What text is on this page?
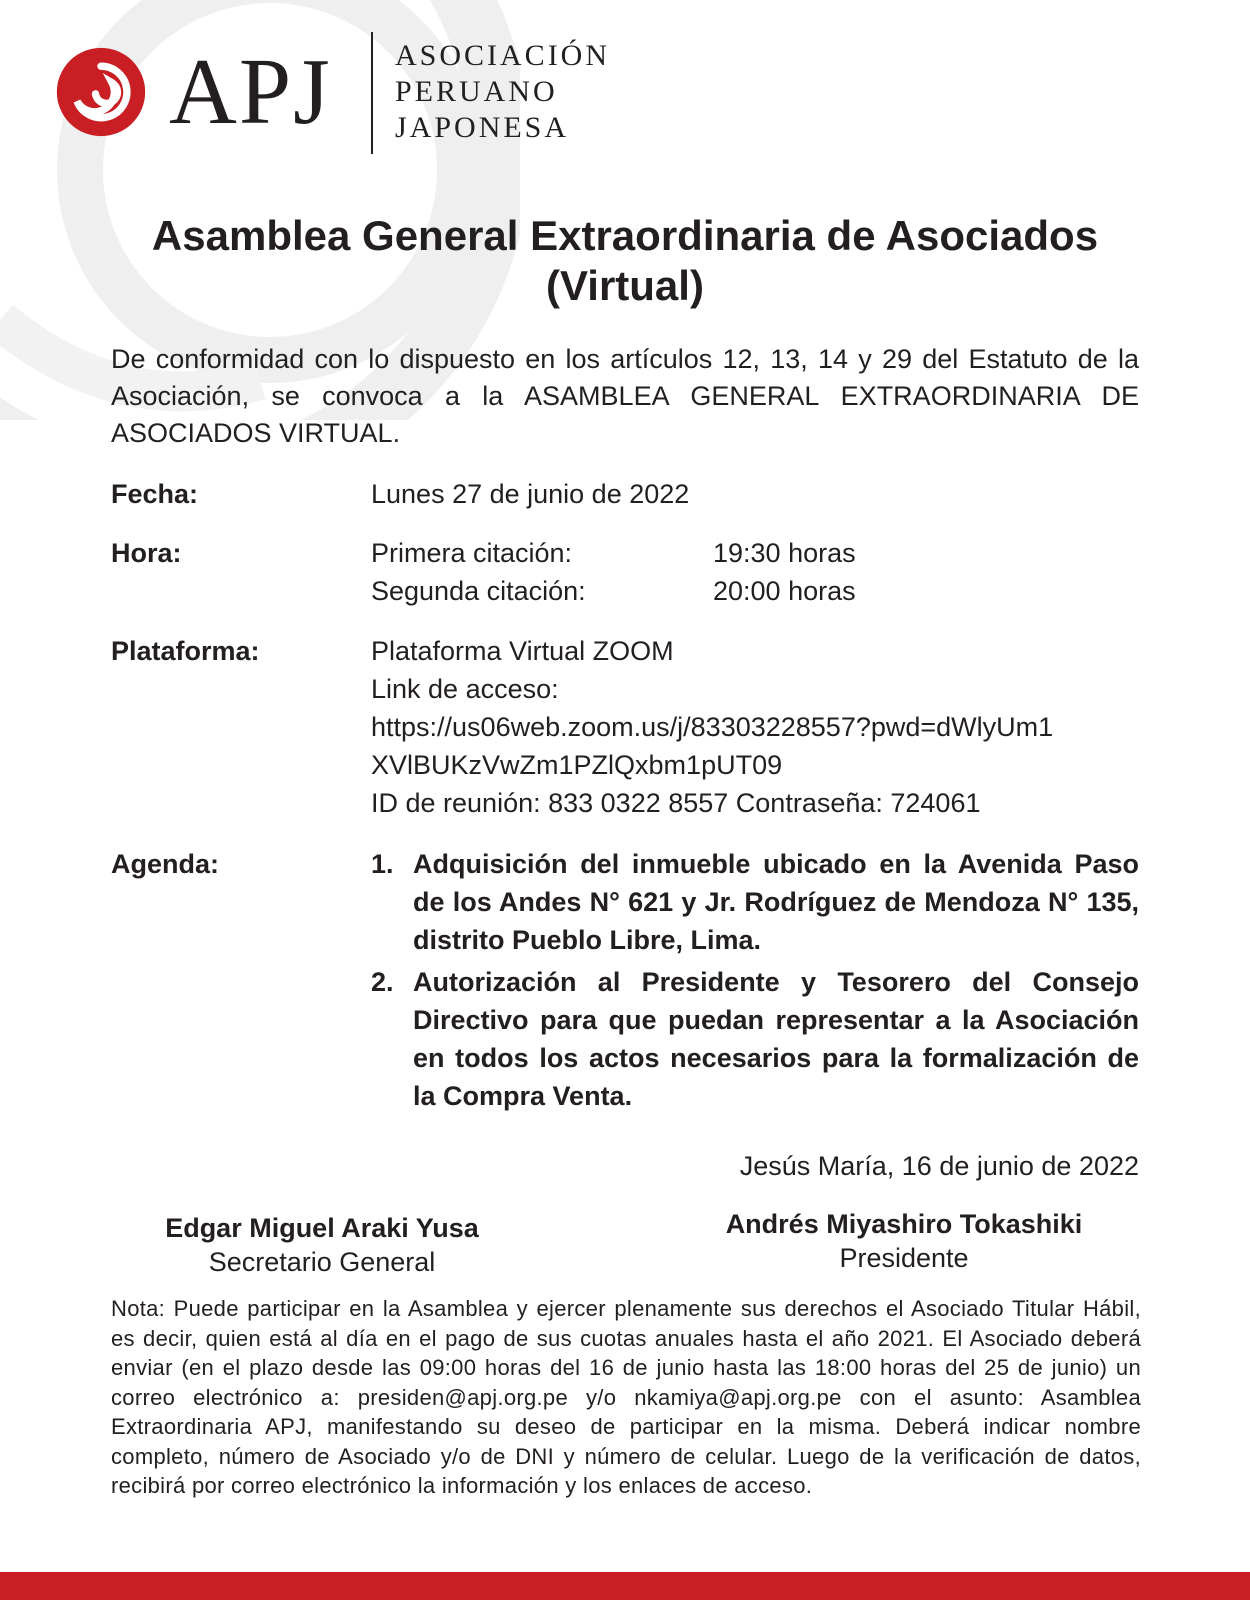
APJ ASOCIACIÓN
PERUANO
JAPONESA
Asamblea General Extraordinaria de Asociados
(Virtual)
De conformidad con lo dispuesto en los artículos 12, 13, 14 y 29 del Estatuto de la Asociación, se convoca a la ASAMBLEA GENERAL EXTRAORDINARIA DE ASOCIADOS VIRTUAL.
Fecha:	Lunes 27 de junio de 2022
Hora:	Primera citación:	19:30 horas
Segunda citación:	20:00 horas
Plataforma:	Plataforma Virtual ZOOM
Link de acceso:
https://us06web.zoom.us/j/83303228557?pwd=dWlyUm1
XVlBUKzVwZm1PZlQxbm1pUT09
ID de reunión: 833 0322 8557 Contraseña: 724061
Agenda:	1. Adquisición del inmueble ubicado en la Avenida Paso de los Andes N° 621 y Jr. Rodríguez de Mendoza N° 135, distrito Pueblo Libre, Lima.
2. Autorización al Presidente y Tesorero del Consejo Directivo para que puedan representar a la Asociación en todos los actos necesarios para la formalización de la Compra Venta.
Jesús María, 16 de junio de 2022
Edgar Miguel Araki Yusa
Secretario General
Andrés Miyashiro Tokashiki
Presidente
Nota: Puede participar en la Asamblea y ejercer plenamente sus derechos el Asociado Titular Hábil, es decir, quien está al día en el pago de sus cuotas anuales hasta el año 2021. El Asociado deberá enviar (en el plazo desde las 09:00 horas del 16 de junio hasta las 18:00 horas del 25 de junio) un correo electrónico a: presiden@apj.org.pe y/o nkamiya@apj.org.pe con el asunto: Asamblea Extraordinaria APJ, manifestando su deseo de participar en la misma. Deberá indicar nombre completo, número de Asociado y/o de DNI y número de celular. Luego de la verificación de datos, recibirá por correo electrónico la información y los enlaces de acceso.
